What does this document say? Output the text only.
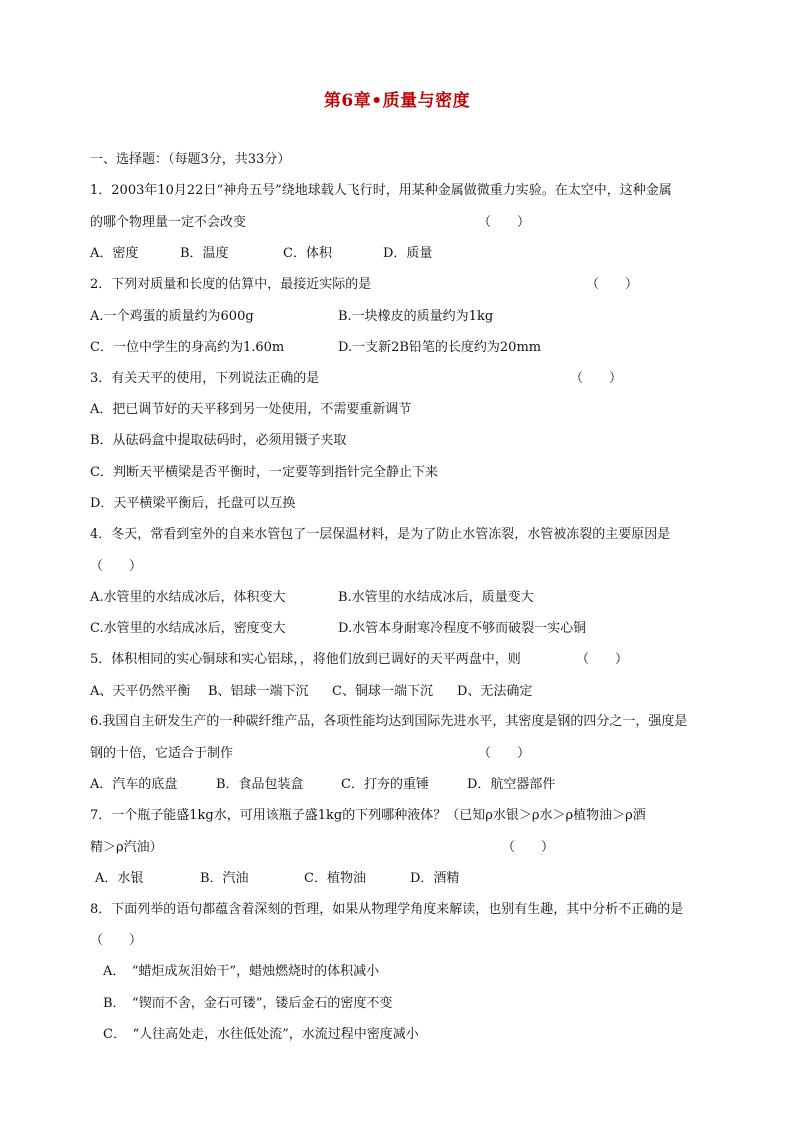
第6章•质量与密度
一、选择题：（每题3分，共33分）
1．2003年10月22日“神舟五号”绕地球载人飞行时，用某种金属做微重力实验。在太空中，这种金属
的哪个物理量一定不会改变	（　　）
A．密度	B．温度	C．体积	D．质量
2．下列对质量和长度的估算中，最接近实际的是	（　　）
A.一个鸡蛋的质量约为600g	B.一块橡皮的质量约为1kg
C．一位中学生的身高约为1.60m	D.一支新2B铅笔的长度约为20mm
3．有关天平的使用，下列说法正确的是	（　　）
A．把已调节好的天平移到另一处使用，不需要重新调节
B．从砝码盒中提取砝码时，必须用镊子夹取
C．判断天平横梁是否平衡时，一定要等到指针完全静止下来
D．天平横梁平衡后，托盘可以互换
4．冬天，常看到室外的自来水管包了一层保温材料，是为了防止水管冻裂，水管被冻裂的主要原因是
（　　）
A.水管里的水结成冰后，体积变大	B.水管里的水结成冰后，质量变大
C.水管里的水结成冰后，密度变大	D.水管本身耐寒冷程度不够而破裂一实心铜
5．体积相同的实心铜球和实心铝球，，将他们放到已调好的天平两盘中，则	（　　）
A、天平仍然平衡 B、铝球一端下沉 C、铜球一端下沉 D、无法确定
6.我国自主研发生产的一种碳纤维产品，各项性能均达到国际先进水平，其密度是钢的四分之一，强度是
钢的十倍，它适合于制作	（　　）
A．汽车的底盘	B．食品包装盒	C．打夯的重锤	D．航空器部件
7．一个瓶子能盛1kg水，可用该瓶子盛1kg的下列哪种液体？（已知ρ水银＞ρ水＞ρ植物油＞ρ酒
精＞ρ汽油）	（　　）
A．水银	B．汽油	C．植物油	D．酒精
8．下面列举的语句都蕴含着深刻的哲理，如果从物理学角度来解读，也别有生趣，其中分析不正确的是
（　　）
A．　“蜡炬成灰泪始干”，蜡烛燃烧时的体积减小
B．　“锲而不舍，金石可镂”，镂后金石的密度不变
C．　“人往高处走，水往低处流”，水流过程中密度减小
